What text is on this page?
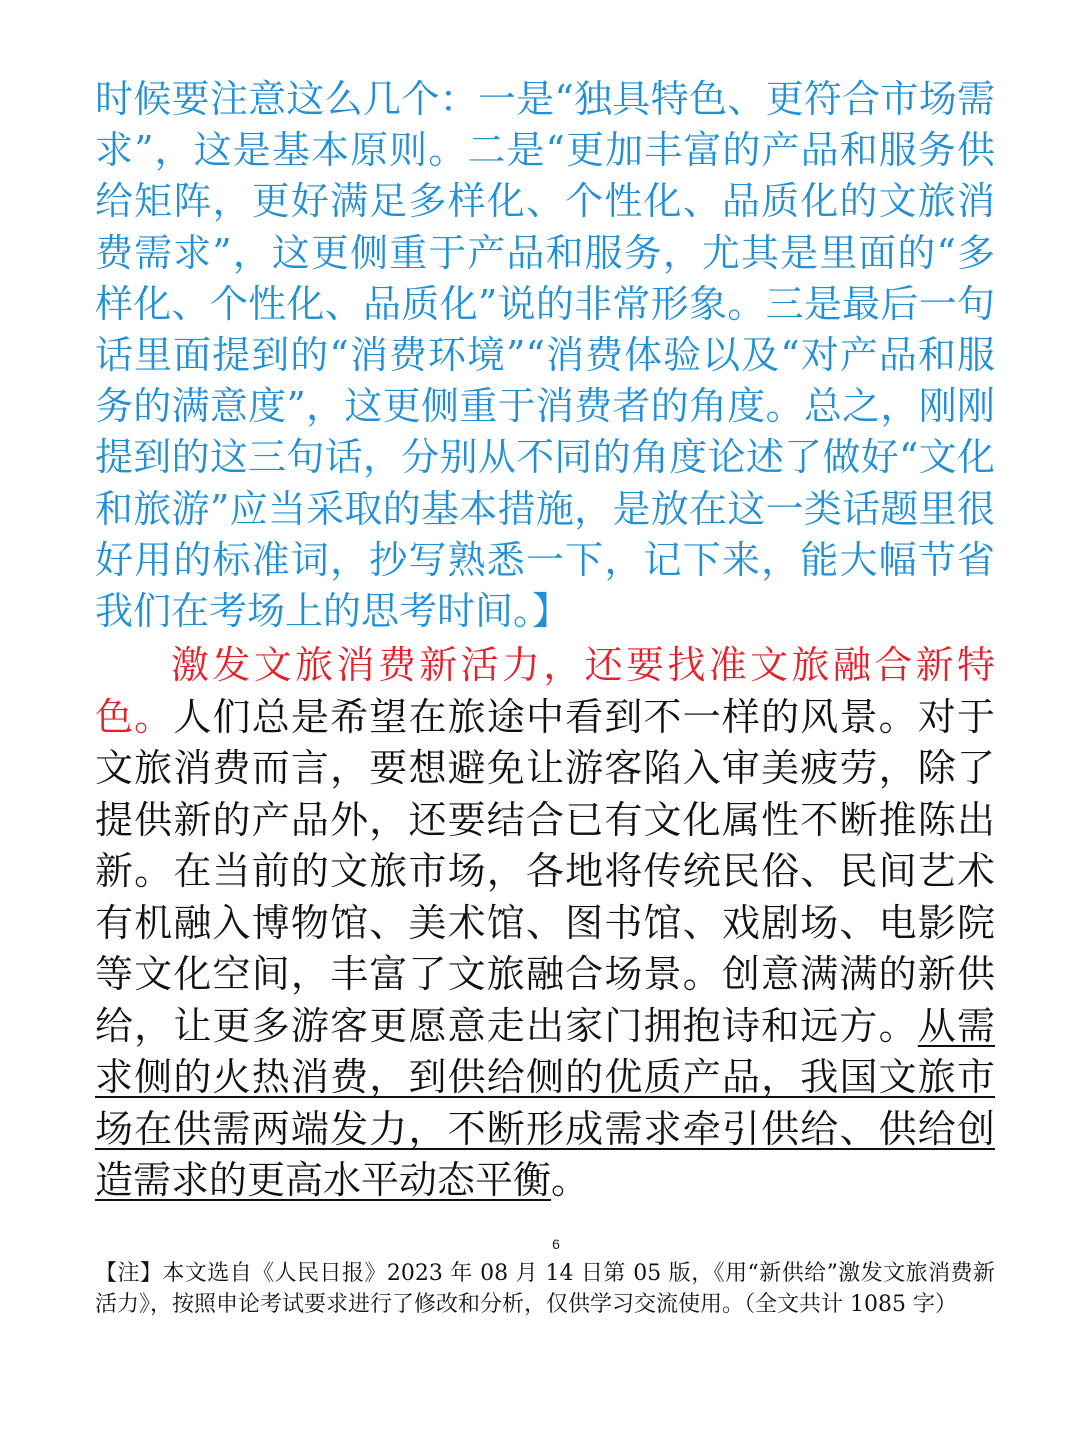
时候要注意这么几个：一是“独具特色、更符合市场需求”，这是基本原则。二是“更加丰富的产品和服务供给矩阵，更好满足多样化、个性化、品质化的文旅消费需求”，这更侧重于产品和服务，尤其是里面的“多样化、个性化、品质化”说的非常形象。三是最后一句话里面提到的“消费环境”“消费体验以及“对产品和服务的满意度”，这更侧重于消费者的角度。总之，刚刚提到的这三句话，分别从不同的角度论述了做好“文化和旅游”应当采取的基本措施，是放在这一类话题里很好用的标准词，抄写熟悉一下，记下来，能大幅节省我们在考场上的思考时间。】
激发文旅消费新活力，还要找准文旅融合新特色。人们总是希望在旅途中看到不一样的风景。对于文旅消费而言，要想避免让游客陷入审美疲劳，除了提供新的产品外，还要结合已有文化属性不断推陈出新。在当前的文旅市场，各地将传统民俗、民间艺术有机融入博物馆、美术馆、图书馆、戏剧场、电影院等文化空间，丰富了文旅融合场景。创意满满的新供给，让更多游客更愿意走出家门拥抱诗和远方。从需求侧的火热消费，到供给侧的优质产品，我国文旅市场在供需两端发力，不断形成需求牵引供给、供给创造需求的更高水平动态平衡。
6
【注】本文选自《人民日报》2023 年 08 月 14 日第 05 版，《用“新供给”激发文旅消费新活力》，按照申论考试要求进行了修改和分析，仅供学习交流使用。（全文共计 1085 字）
